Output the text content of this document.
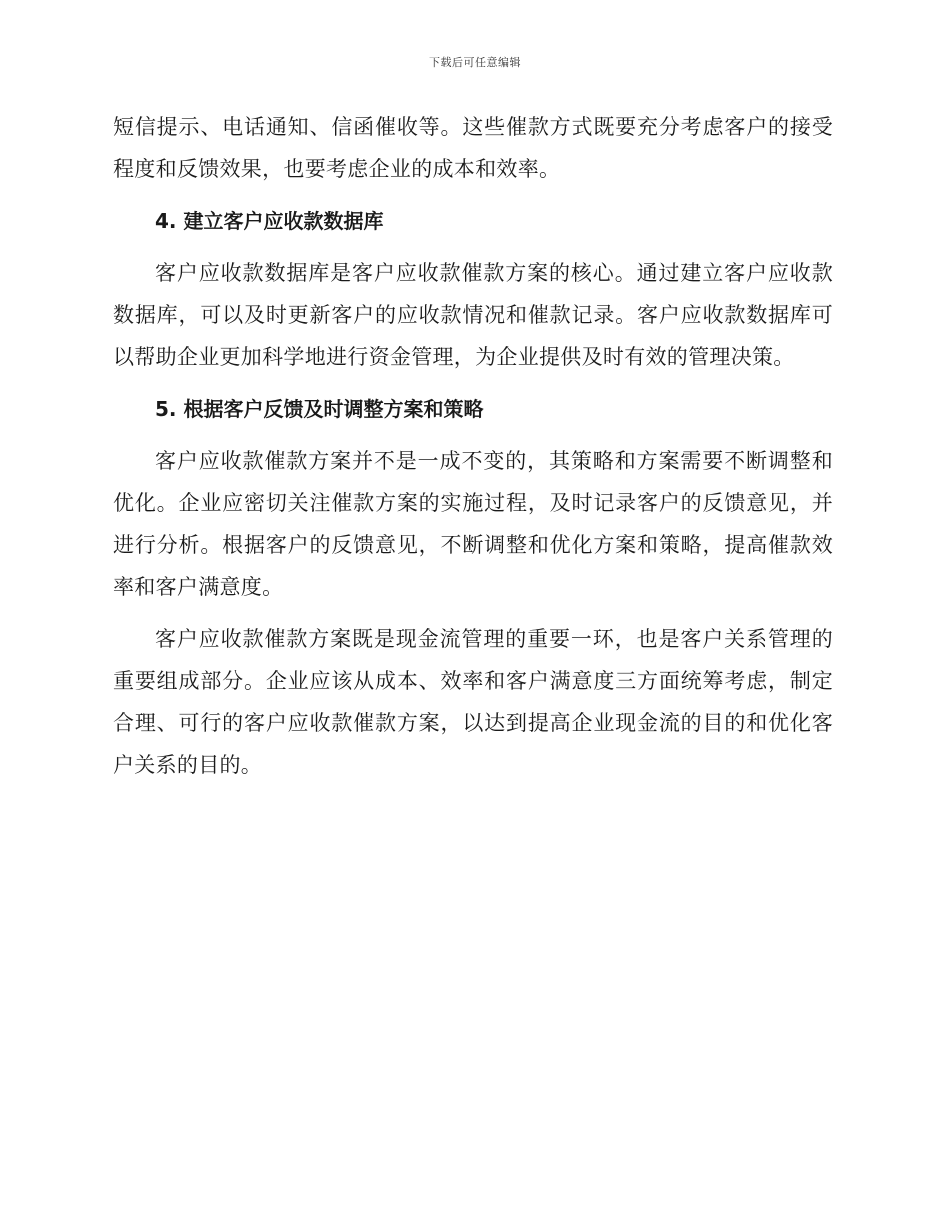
下载后可任意编辑

短信提示、电话通知、信函催收等。这些催款方式既要充分考虑客户的接受程度和反馈效果，也要考虑企业的成本和效率。

4. 建立客户应收款数据库

客户应收款数据库是客户应收款催款方案的核心。通过建立客户应收款数据库，可以及时更新客户的应收款情况和催款记录。客户应收款数据库可以帮助企业更加科学地进行资金管理，为企业提供及时有效的管理决策。

5. 根据客户反馈及时调整方案和策略

客户应收款催款方案并不是一成不变的，其策略和方案需要不断调整和优化。企业应密切关注催款方案的实施过程，及时记录客户的反馈意见，并进行分析。根据客户的反馈意见，不断调整和优化方案和策略，提高催款效率和客户满意度。

客户应收款催款方案既是现金流管理的重要一环，也是客户关系管理的重要组成部分。企业应该从成本、效率和客户满意度三方面统筹考虑，制定合理、可行的客户应收款催款方案，以达到提高企业现金流的目的和优化客户关系的目的。
